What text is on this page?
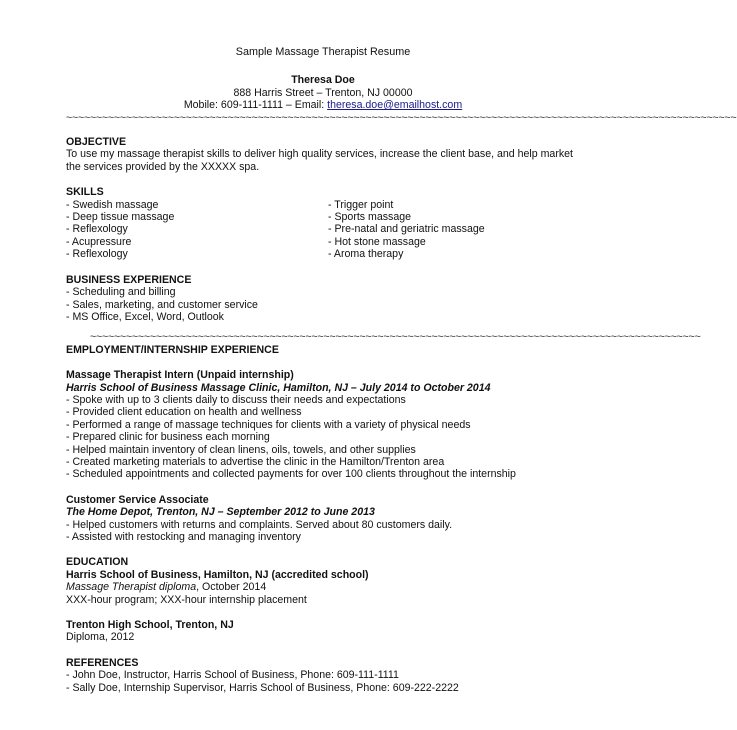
Sample Massage Therapist Resume
Theresa Doe
888 Harris Street – Trenton, NJ 00000
Mobile: 609-111-1111 – Email: theresa.doe@emailhost.com
~~~~~~~~~~~~~~~~~~~~~~~~~~~~~~~~~~~~~~~~~~~~~~~~~~~~~~~~~~~~~~~~~~~~~~~~~~~~~~~~~~~~~~~~~~~~~~~~~~~~~~~~~~~~~~~~
OBJECTIVE
To use my massage therapist skills to deliver high quality services, increase the client base, and help market the services provided by the XXXXX spa.
SKILLS
- Swedish massage
- Deep tissue massage
- Reflexology
- Acupressure
- Reflexology
- Trigger point
- Sports massage
- Pre-natal and geriatric massage
- Hot stone massage
- Aroma therapy
BUSINESS EXPERIENCE
- Scheduling and billing
- Sales, marketing, and customer service
- MS Office, Excel, Word, Outlook
~~~~~~~~~~~~~~~~~~~~~~~~~~~~~~~~~~~~~~~~~~~~~~~~~~~~~~~~~~~~~~~~~~~~~~~~~~~~~~~~~~~~~~~~~~~~~~~~~~~~~~
EMPLOYMENT/INTERNSHIP EXPERIENCE
Massage Therapist Intern (Unpaid internship)
Harris School of Business Massage Clinic, Hamilton, NJ – July 2014 to October 2014
- Spoke with up to 3 clients daily to discuss their needs and expectations
- Provided client education on health and wellness
- Performed a range of massage techniques for clients with a variety of physical needs
- Prepared clinic for business each morning
- Helped maintain inventory of clean linens, oils, towels, and other supplies
- Created marketing materials to advertise the clinic in the Hamilton/Trenton area
- Scheduled appointments and collected payments for over 100 clients throughout the internship
Customer Service Associate
The Home Depot, Trenton, NJ – September 2012 to June 2013
- Helped customers with returns and complaints. Served about 80 customers daily.
- Assisted with restocking and managing inventory
EDUCATION
Harris School of Business, Hamilton, NJ (accredited school)
Massage Therapist diploma, October 2014
XXX-hour program; XXX-hour internship placement
Trenton High School, Trenton, NJ
Diploma, 2012
REFERENCES
- John Doe, Instructor, Harris School of Business, Phone: 609-111-1111
- Sally Doe, Internship Supervisor, Harris School of Business, Phone: 609-222-2222
